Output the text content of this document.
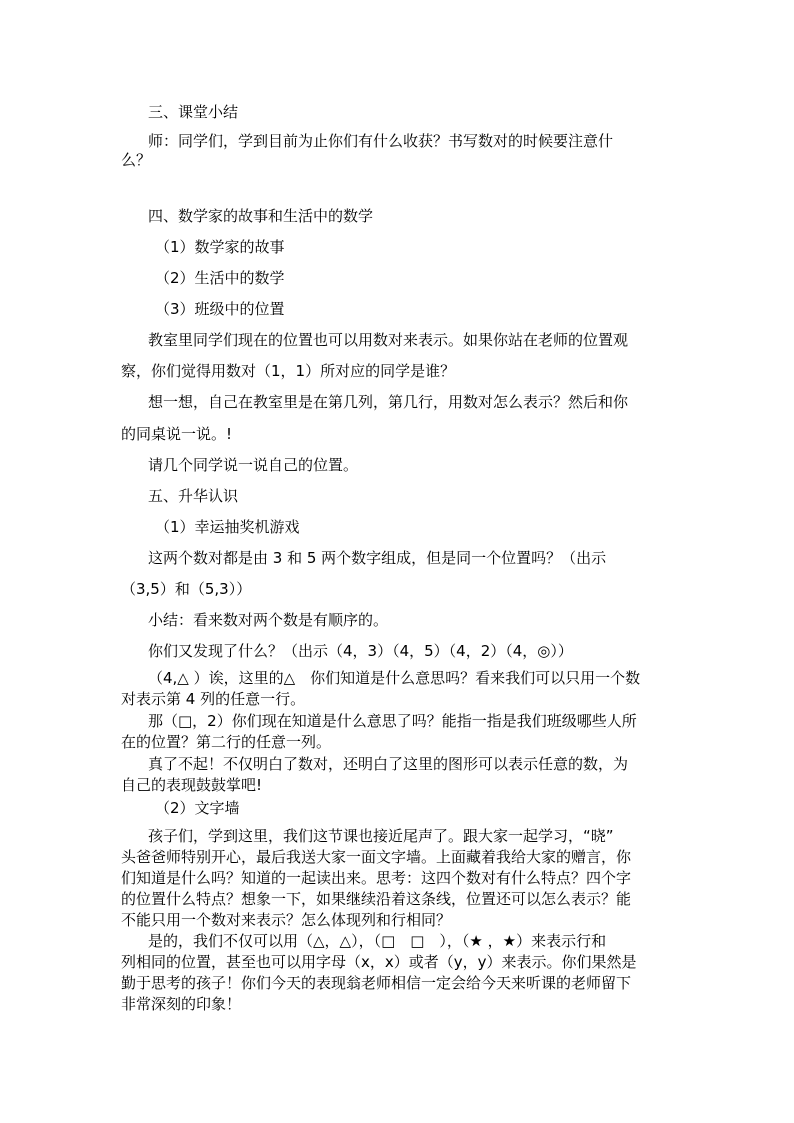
三、课堂小结
师：同学们，学到目前为止你们有什么收获？书写数对的时候要注意什
么？
四、数学家的故事和生活中的数学
（1）数学家的故事
（2）生活中的数学
（3）班级中的位置
教室里同学们现在的位置也可以用数对来表示。如果你站在老师的位置观
察，你们觉得用数对（1，1）所对应的同学是谁？
想一想，自己在教室里是在第几列，第几行，用数对怎么表示？然后和你
的同桌说一说。!
请几个同学说一说自己的位置。
五、升华认识
（1）幸运抽奖机游戏
这两个数对都是由 3 和 5 两个数字组成，但是同一个位置吗？（出示
（3,5）和（5,3））
小结：看来数对两个数是有顺序的。
你们又发现了什么？（出示（4，3）（4，5）（4，2）（4，◎））
（4,△ ）诶，这里的△　你们知道是什么意思吗？看来我们可以只用一个数
对表示第 4 列的任意一行。
那（□，2）你们现在知道是什么意思了吗？能指一指是我们班级哪些人所
在的位置？第二行的任意一列。
真了不起！不仅明白了数对，还明白了这里的图形可以表示任意的数，为
自己的表现鼓鼓掌吧!
（2）文字墙
孩子们，学到这里，我们这节课也接近尾声了。跟大家一起学习，“晓”
头爸爸师特别开心，最后我送大家一面文字墙。上面藏着我给大家的赠言，你
们知道是什么吗？知道的一起读出来。思考：这四个数对有什么特点？四个字
的位置什么特点？想象一下，如果继续沿着这条线，位置还可以怎么表示？能
不能只用一个数对来表示？怎么体现列和行相同？
是的，我们不仅可以用（△，△），（□　□　），（★ ，★）来表示行和
列相同的位置，甚至也可以用字母（x，x）或者（y，y）来表示。你们果然是
勤于思考的孩子！你们今天的表现翁老师相信一定会给今天来听课的老师留下
非常深刻的印象！
